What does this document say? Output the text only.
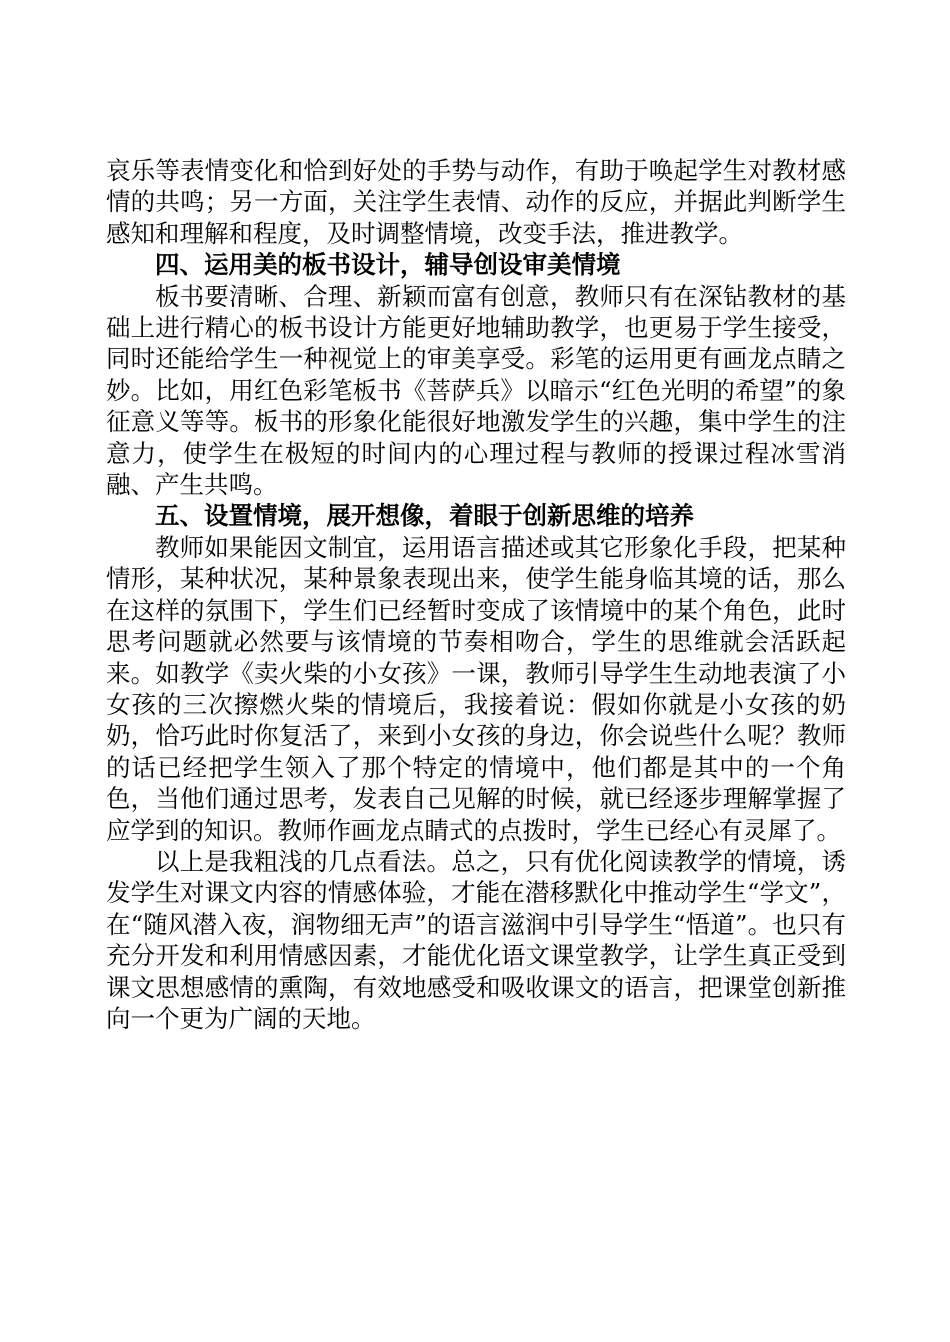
哀乐等表情变化和恰到好处的手势与动作，有助于唤起学生对教材感情的共鸣；另一方面，关注学生表情、动作的反应，并据此判断学生感知和理解和程度，及时调整情境，改变手法，推进教学。

四、运用美的板书设计，辅导创设审美情境

板书要清晰、合理、新颖而富有创意，教师只有在深钻教材的基础上进行精心的板书设计方能更好地辅助教学，也更易于学生接受，同时还能给学生一种视觉上的审美享受。彩笔的运用更有画龙点睛之妙。比如，用红色彩笔板书《菩萨兵》以暗示“红色光明的希望”的象征意义等等。板书的形象化能很好地激发学生的兴趣，集中学生的注意力，使学生在极短的时间内的心理过程与教师的授课过程冰雪消融、产生共鸣。

五、设置情境，展开想像，着眼于创新思维的培养

教师如果能因文制宜，运用语言描述或其它形象化手段，把某种情形，某种状况，某种景象表现出来，使学生能身临其境的话，那么在这样的氛围下，学生们已经暂时变成了该情境中的某个角色，此时思考问题就必然要与该情境的节奏相吻合，学生的思维就会活跃起来。如教学《卖火柴的小女孩》一课，教师引导学生生动地表演了小女孩的三次擦燃火柴的情境后，我接着说：假如你就是小女孩的奶奶，恰巧此时你复活了，来到小女孩的身边，你会说些什么呢？教师的话已经把学生领入了那个特定的情境中，他们都是其中的一个角色，当他们通过思考，发表自己见解的时候，就已经逐步理解掌握了应学到的知识。教师作画龙点睛式的点拨时，学生已经心有灵犀了。

以上是我粗浅的几点看法。总之，只有优化阅读教学的情境，诱发学生对课文内容的情感体验，才能在潜移默化中推动学生“学文”，在“随风潜入夜，润物细无声”的语言滋润中引导学生“悟道”。也只有充分开发和利用情感因素，才能优化语文课堂教学，让学生真正受到课文思想感情的熏陶，有效地感受和吸收课文的语言，把课堂创新推向一个更为广阔的天地。
